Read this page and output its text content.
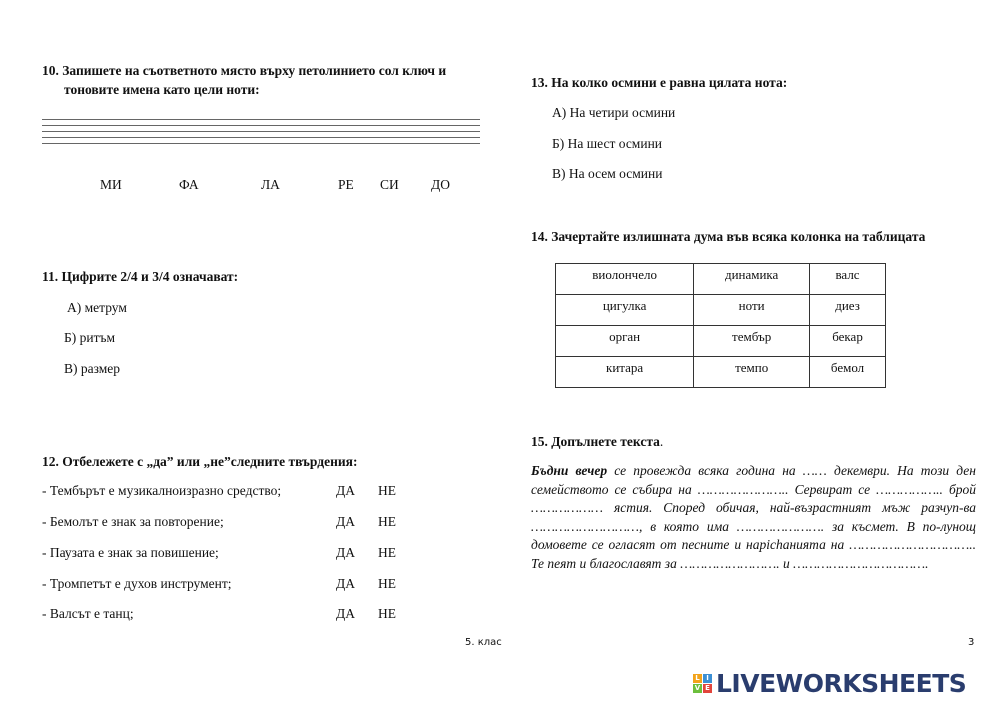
10. Запишете на съответното място върху петолинието сол ключ и
тоновите имена като цели ноти:
МИ	ФА	ЛА	РЕ СИ ДО
11. Цифрите 2/4 и 3/4 означават:
А) метрум
Б) ритъм
В) размер
12. Отбележете с „да” или „не”следните твърдения:
- Тембърът е музикалноизразно средство;	ДА НЕ
- Бемолът е знак за повторение;	ДА НЕ
- Паузата е знак за повишение;	ДА НЕ
- Тромпетът е духов инструмент;	ДА НЕ
- Валсът е танц;	ДА НЕ
13. На колко осмини е равна цялата нота:
А) На четири осмини
Б) На шест осмини
В) На осем осмини
14. Зачертайте излишната дума във всяка колонка на таблицата
виолончело	динамика	валс
цигулка	ноти	диез
орган	тембър	бекар
китара	темпо	бемол
15. Допълнете текста.
Бъдни вечер се провежда всяка година на …… декември. На този ден семейството се събира на ………………….. Сервират се …………….. брой ……………… ястия. Според обичая, най-възрастният мъж разчуп-ва ………………………, в която има …………………. за късмет. В по-лунощ домовете се огласят от песните и нарichанията на ………………………….. Те пеят и благославят за ……………………. и …………………………….
5. клас	3
L I
V E LIVEWORKSHEETS
